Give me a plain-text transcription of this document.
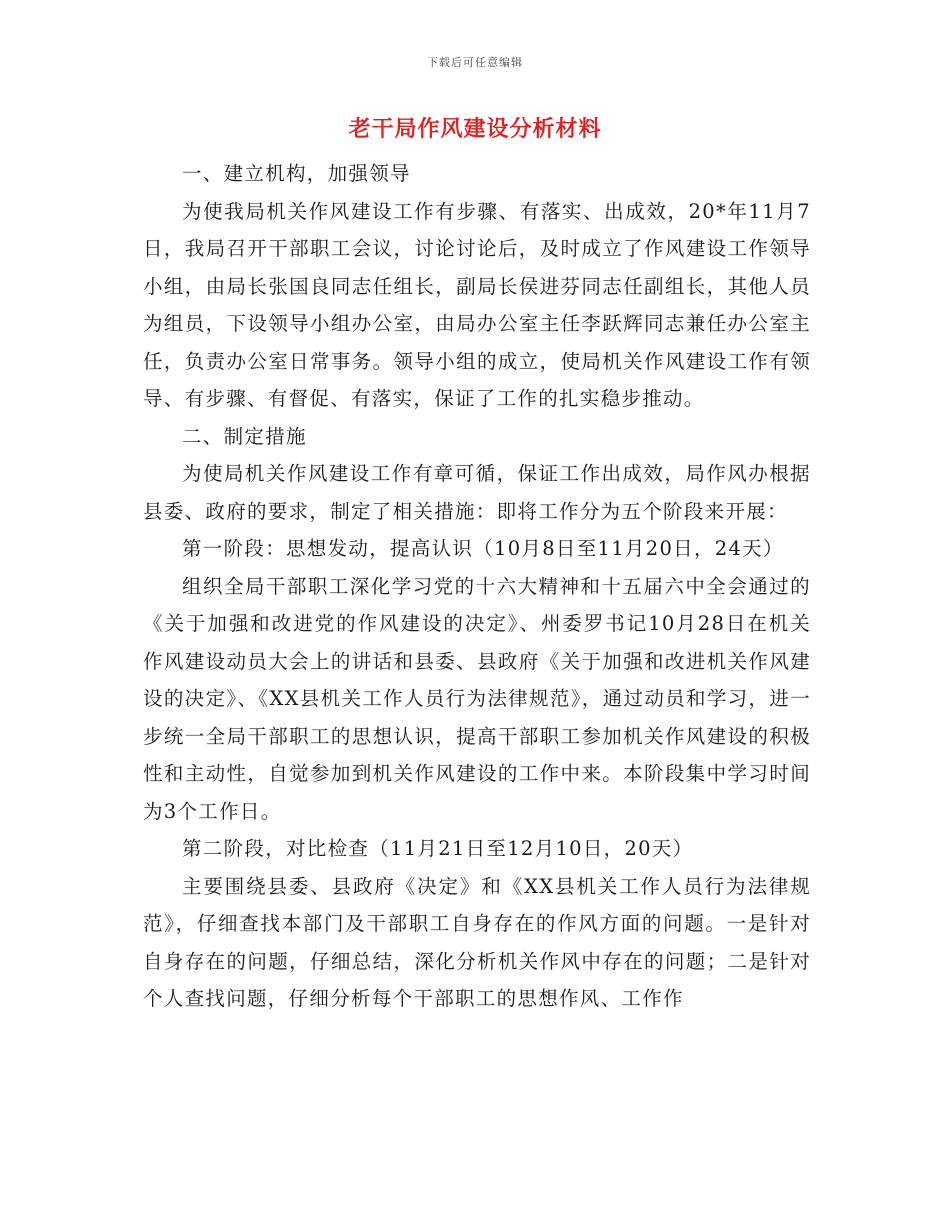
下载后可任意编辑
老干局作风建设分析材料

一、建立机构，加强领导

为使我局机关作风建设工作有步骤、有落实、出成效，20*年11月7日，我局召开干部职工会议，讨论讨论后，及时成立了作风建设工作领导小组，由局长张国良同志任组长，副局长侯进芬同志任副组长，其他人员为组员，下设领导小组办公室，由局办公室主任李跃辉同志兼任办公室主任，负责办公室日常事务。领导小组的成立，使局机关作风建设工作有领导、有步骤、有督促、有落实，保证了工作的扎实稳步推动。

二、制定措施

为使局机关作风建设工作有章可循，保证工作出成效，局作风办根据县委、政府的要求，制定了相关措施：即将工作分为五个阶段来开展：

第一阶段：思想发动，提高认识（10月8日至11月20日，24天）

组织全局干部职工深化学习党的十六大精神和十五届六中全会通过的《关于加强和改进党的作风建设的决定》、州委罗书记10月28日在机关作风建设动员大会上的讲话和县委、县政府《关于加强和改进机关作风建设的决定》、《XX县机关工作人员行为法律规范》，通过动员和学习，进一步统一全局干部职工的思想认识，提高干部职工参加机关作风建设的积极性和主动性，自觉参加到机关作风建设的工作中来。本阶段集中学习时间为3个工作日。

第二阶段，对比检查（11月21日至12月10日，20天）

主要围绕县委、县政府《决定》和《XX县机关工作人员行为法律规范》，仔细查找本部门及干部职工自身存在的作风方面的问题。一是针对自身存在的问题，仔细总结，深化分析机关作风中存在的问题；二是针对个人查找问题，仔细分析每个干部职工的思想作风、工作作
